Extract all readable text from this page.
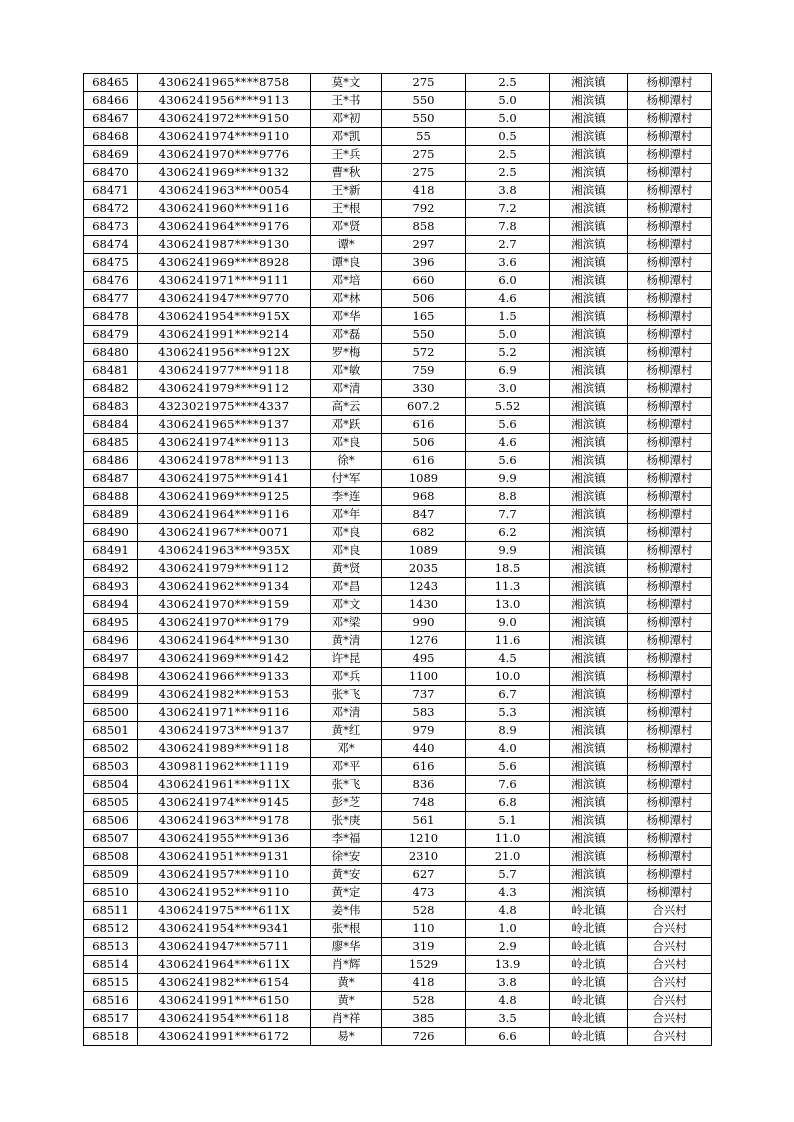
68465	4306241965****8758	莫*文	275	2.5	湘滨镇	杨柳潭村
68466	4306241956****9113	王*书	550	5.0	湘滨镇	杨柳潭村
68467	4306241972****9150	邓*初	550	5.0	湘滨镇	杨柳潭村
68468	4306241974****9110	邓*凯	55	0.5	湘滨镇	杨柳潭村
68469	4306241970****9776	王*兵	275	2.5	湘滨镇	杨柳潭村
68470	4306241969****9132	曹*秋	275	2.5	湘滨镇	杨柳潭村
68471	4306241963****0054	王*新	418	3.8	湘滨镇	杨柳潭村
68472	4306241960****9116	王*根	792	7.2	湘滨镇	杨柳潭村
68473	4306241964****9176	邓*贤	858	7.8	湘滨镇	杨柳潭村
68474	4306241987****9130	谭*	297	2.7	湘滨镇	杨柳潭村
68475	4306241969****8928	谭*良	396	3.6	湘滨镇	杨柳潭村
68476	4306241971****9111	邓*培	660	6.0	湘滨镇	杨柳潭村
68477	4306241947****9770	邓*林	506	4.6	湘滨镇	杨柳潭村
68478	4306241954****915X	邓*华	165	1.5	湘滨镇	杨柳潭村
68479	4306241991****9214	邓*磊	550	5.0	湘滨镇	杨柳潭村
68480	4306241956****912X	罗*梅	572	5.2	湘滨镇	杨柳潭村
68481	4306241977****9118	邓*敏	759	6.9	湘滨镇	杨柳潭村
68482	4306241979****9112	邓*清	330	3.0	湘滨镇	杨柳潭村
68483	4323021975****4337	高*云	607.2	5.52	湘滨镇	杨柳潭村
68484	4306241965****9137	邓*跃	616	5.6	湘滨镇	杨柳潭村
68485	4306241974****9113	邓*良	506	4.6	湘滨镇	杨柳潭村
68486	4306241978****9113	徐*	616	5.6	湘滨镇	杨柳潭村
68487	4306241975****9141	付*军	1089	9.9	湘滨镇	杨柳潭村
68488	4306241969****9125	李*连	968	8.8	湘滨镇	杨柳潭村
68489	4306241964****9116	邓*年	847	7.7	湘滨镇	杨柳潭村
68490	4306241967****0071	邓*良	682	6.2	湘滨镇	杨柳潭村
68491	4306241963****935X	邓*良	1089	9.9	湘滨镇	杨柳潭村
68492	4306241979****9112	黄*贤	2035	18.5	湘滨镇	杨柳潭村
68493	4306241962****9134	邓*昌	1243	11.3	湘滨镇	杨柳潭村
68494	4306241970****9159	邓*文	1430	13.0	湘滨镇	杨柳潭村
68495	4306241970****9179	邓*梁	990	9.0	湘滨镇	杨柳潭村
68496	4306241964****9130	黄*清	1276	11.6	湘滨镇	杨柳潭村
68497	4306241969****9142	许*昆	495	4.5	湘滨镇	杨柳潭村
68498	4306241966****9133	邓*兵	1100	10.0	湘滨镇	杨柳潭村
68499	4306241982****9153	张*飞	737	6.7	湘滨镇	杨柳潭村
68500	4306241971****9116	邓*清	583	5.3	湘滨镇	杨柳潭村
68501	4306241973****9137	黄*红	979	8.9	湘滨镇	杨柳潭村
68502	4306241989****9118	邓*	440	4.0	湘滨镇	杨柳潭村
68503	4309811962****1119	邓*平	616	5.6	湘滨镇	杨柳潭村
68504	4306241961****911X	张*飞	836	7.6	湘滨镇	杨柳潭村
68505	4306241974****9145	彭*芝	748	6.8	湘滨镇	杨柳潭村
68506	4306241963****9178	张*庚	561	5.1	湘滨镇	杨柳潭村
68507	4306241955****9136	李*福	1210	11.0	湘滨镇	杨柳潭村
68508	4306241951****9131	徐*安	2310	21.0	湘滨镇	杨柳潭村
68509	4306241957****9110	黄*安	627	5.7	湘滨镇	杨柳潭村
68510	4306241952****9110	黄*定	473	4.3	湘滨镇	杨柳潭村
68511	4306241975****611X	姜*伟	528	4.8	岭北镇	合兴村
68512	4306241954****9341	张*根	110	1.0	岭北镇	合兴村
68513	4306241947****5711	廖*华	319	2.9	岭北镇	合兴村
68514	4306241964****611X	肖*辉	1529	13.9	岭北镇	合兴村
68515	4306241982****6154	黄*	418	3.8	岭北镇	合兴村
68516	4306241991****6150	黄*	528	4.8	岭北镇	合兴村
68517	4306241954****6118	肖*祥	385	3.5	岭北镇	合兴村
68518	4306241991****6172	易*	726	6.6	岭北镇	合兴村
